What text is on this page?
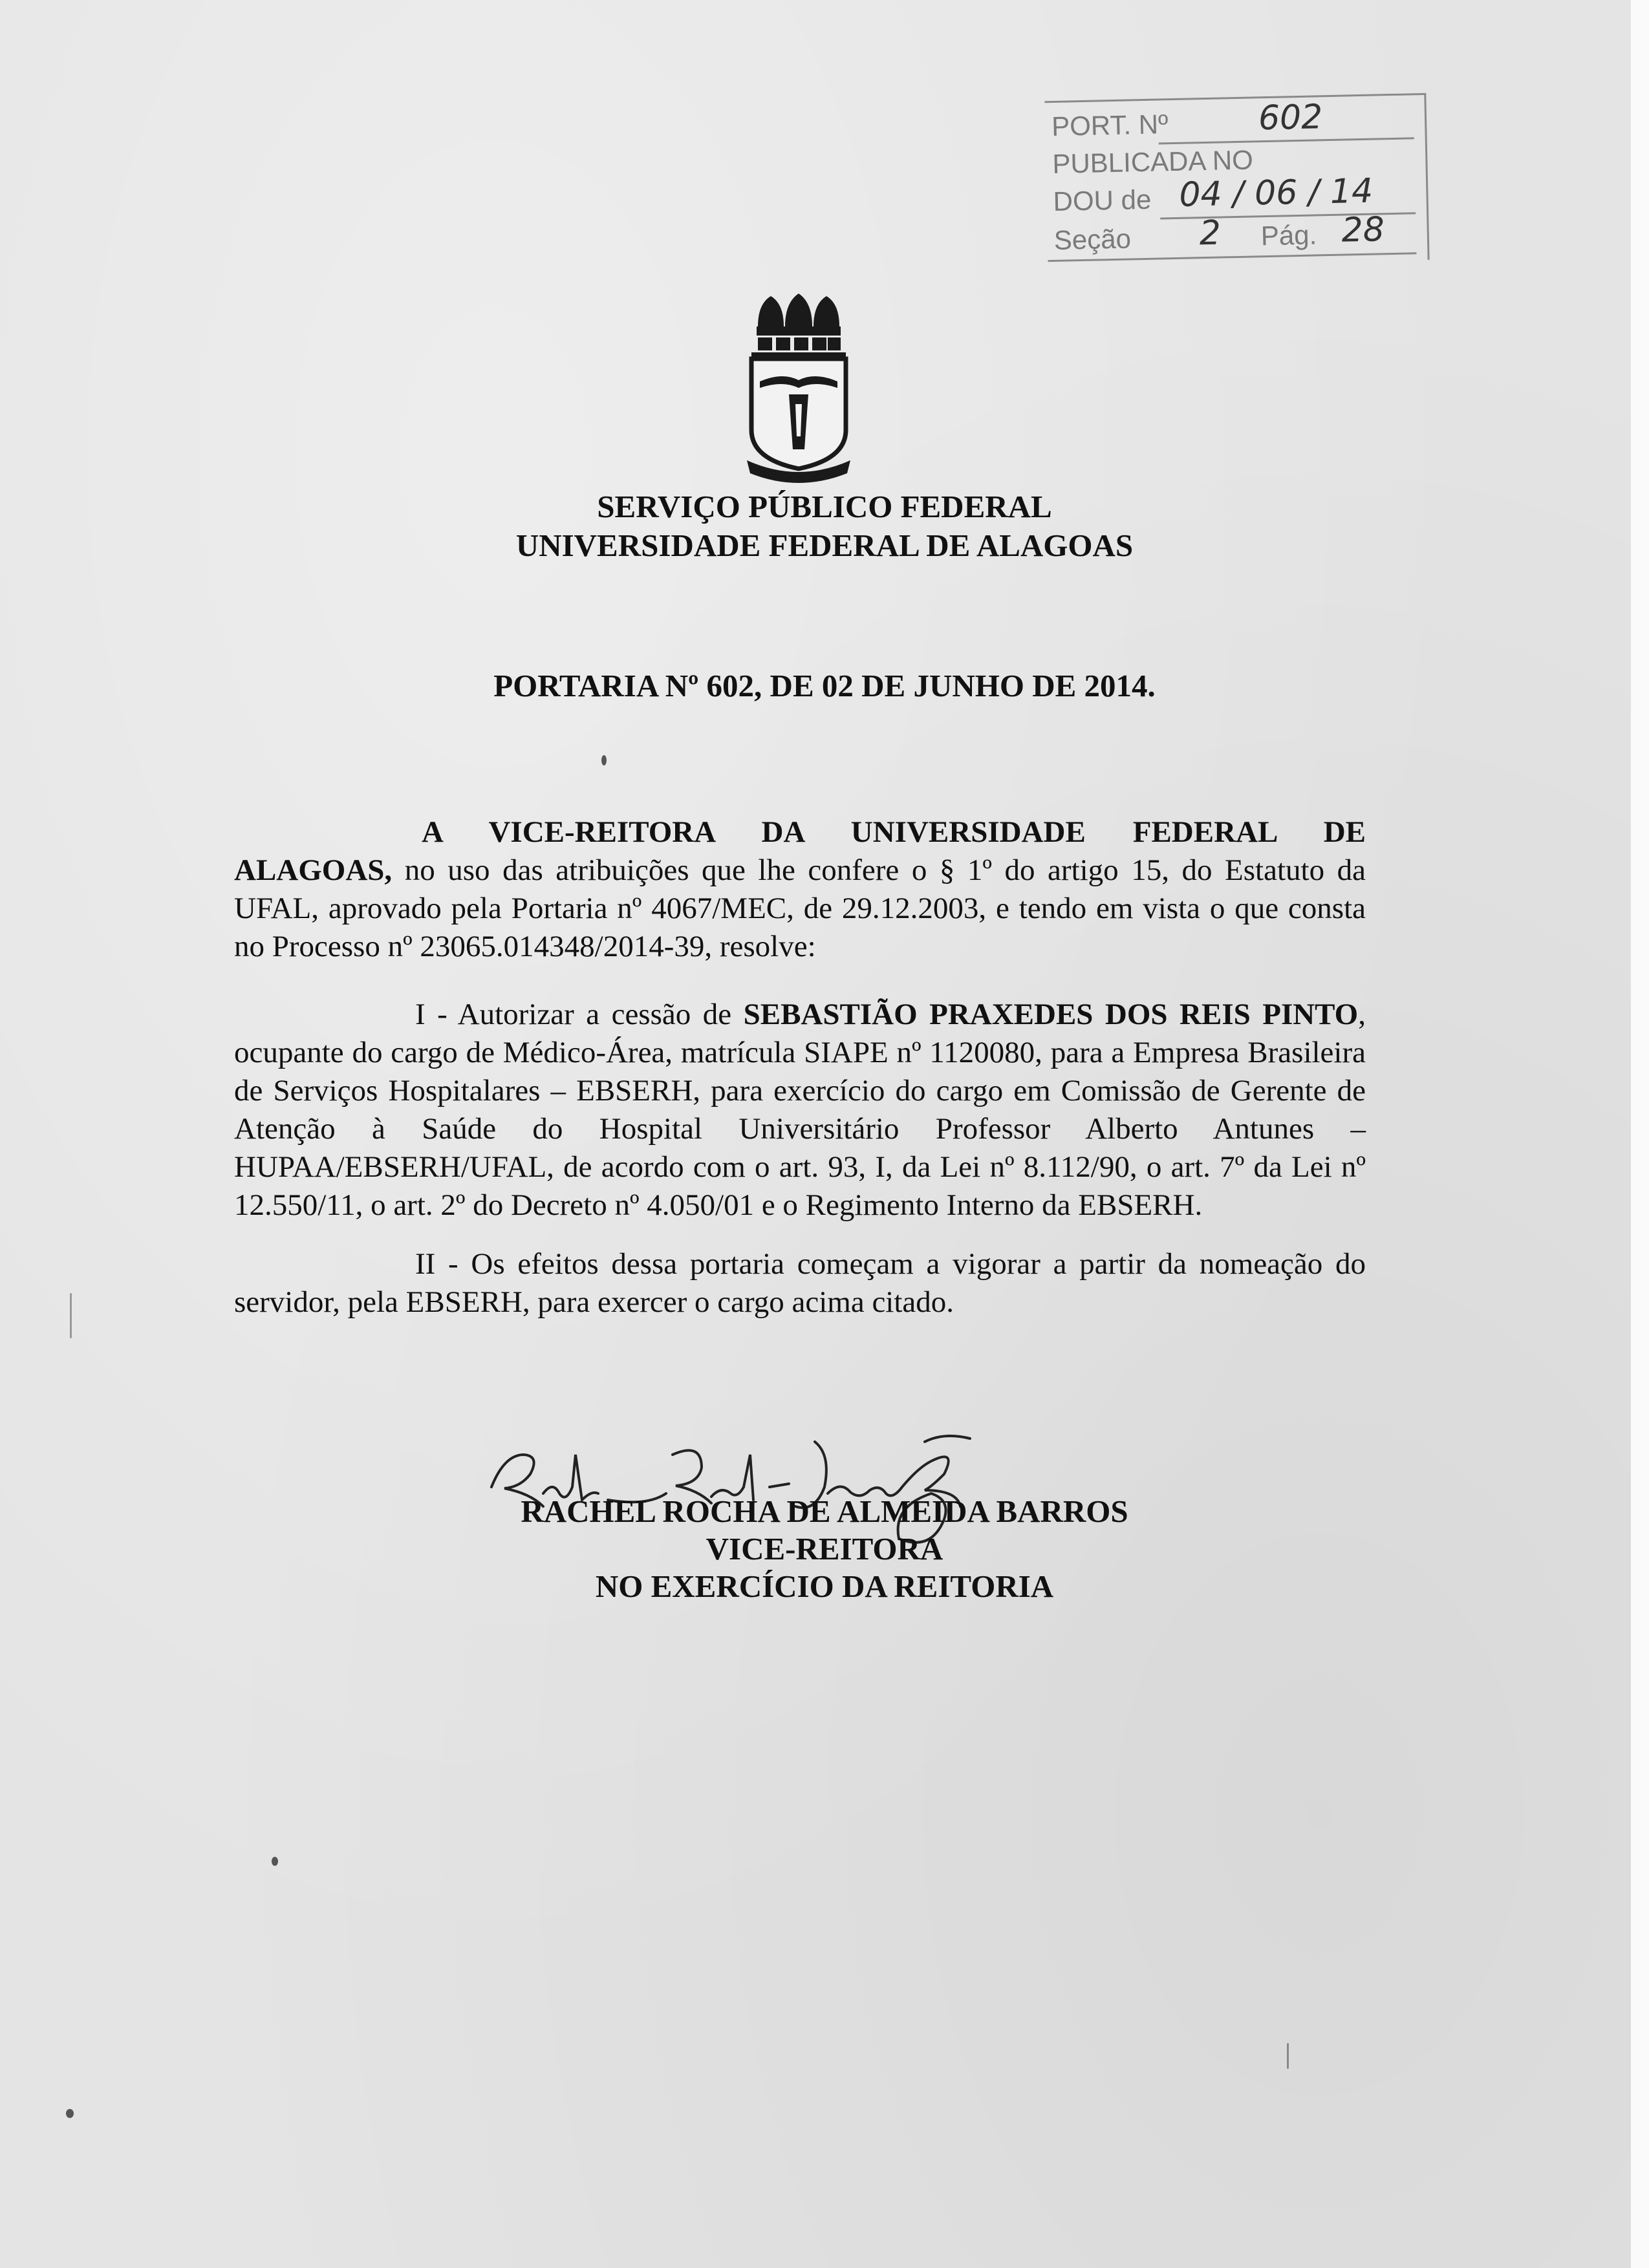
PORT. Nº	602
PUBLICADA NO
DOU de 04 / 06 / 14
Seção 2 Pág. 28
SERVIÇO PÚBLICO FEDERAL
UNIVERSIDADE FEDERAL DE ALAGOAS
PORTARIA Nº 602, DE 02 DE JUNHO DE 2014.

A VICE-REITORA DA UNIVERSIDADE FEDERAL DE

ALAGOAS, no uso das atribuições que lhe confere o § 1º do artigo 15, do Estatuto da UFAL, aprovado pela Portaria nº 4067/MEC, de 29.12.2003, e tendo em vista o que consta no Processo nº 23065.014348/2014-39, resolve:

I - Autorizar a cessão de SEBASTIÃO PRAXEDES DOS REIS PINTO, ocupante do cargo de Médico-Área, matrícula SIAPE nº 1120080, para a Empresa Brasileira de Serviços Hospitalares – EBSERH, para exercício do cargo em Comissão de Gerente de Atenção à Saúde do Hospital Universitário Professor Alberto Antunes – HUPAA/EBSERH/UFAL, de acordo com o art. 93, I, da Lei nº 8.112/90, o art. 7º da Lei nº 12.550/11, o art. 2º do Decreto nº 4.050/01 e o Regimento Interno da EBSERH.

II - Os efeitos dessa portaria começam a vigorar a partir da nomeação do servidor, pela EBSERH, para exercer o cargo acima citado.

RACHEL ROCHA DE ALMEIDA BARROS
VICE-REITORA
NO EXERCÍCIO DA REITORIA
